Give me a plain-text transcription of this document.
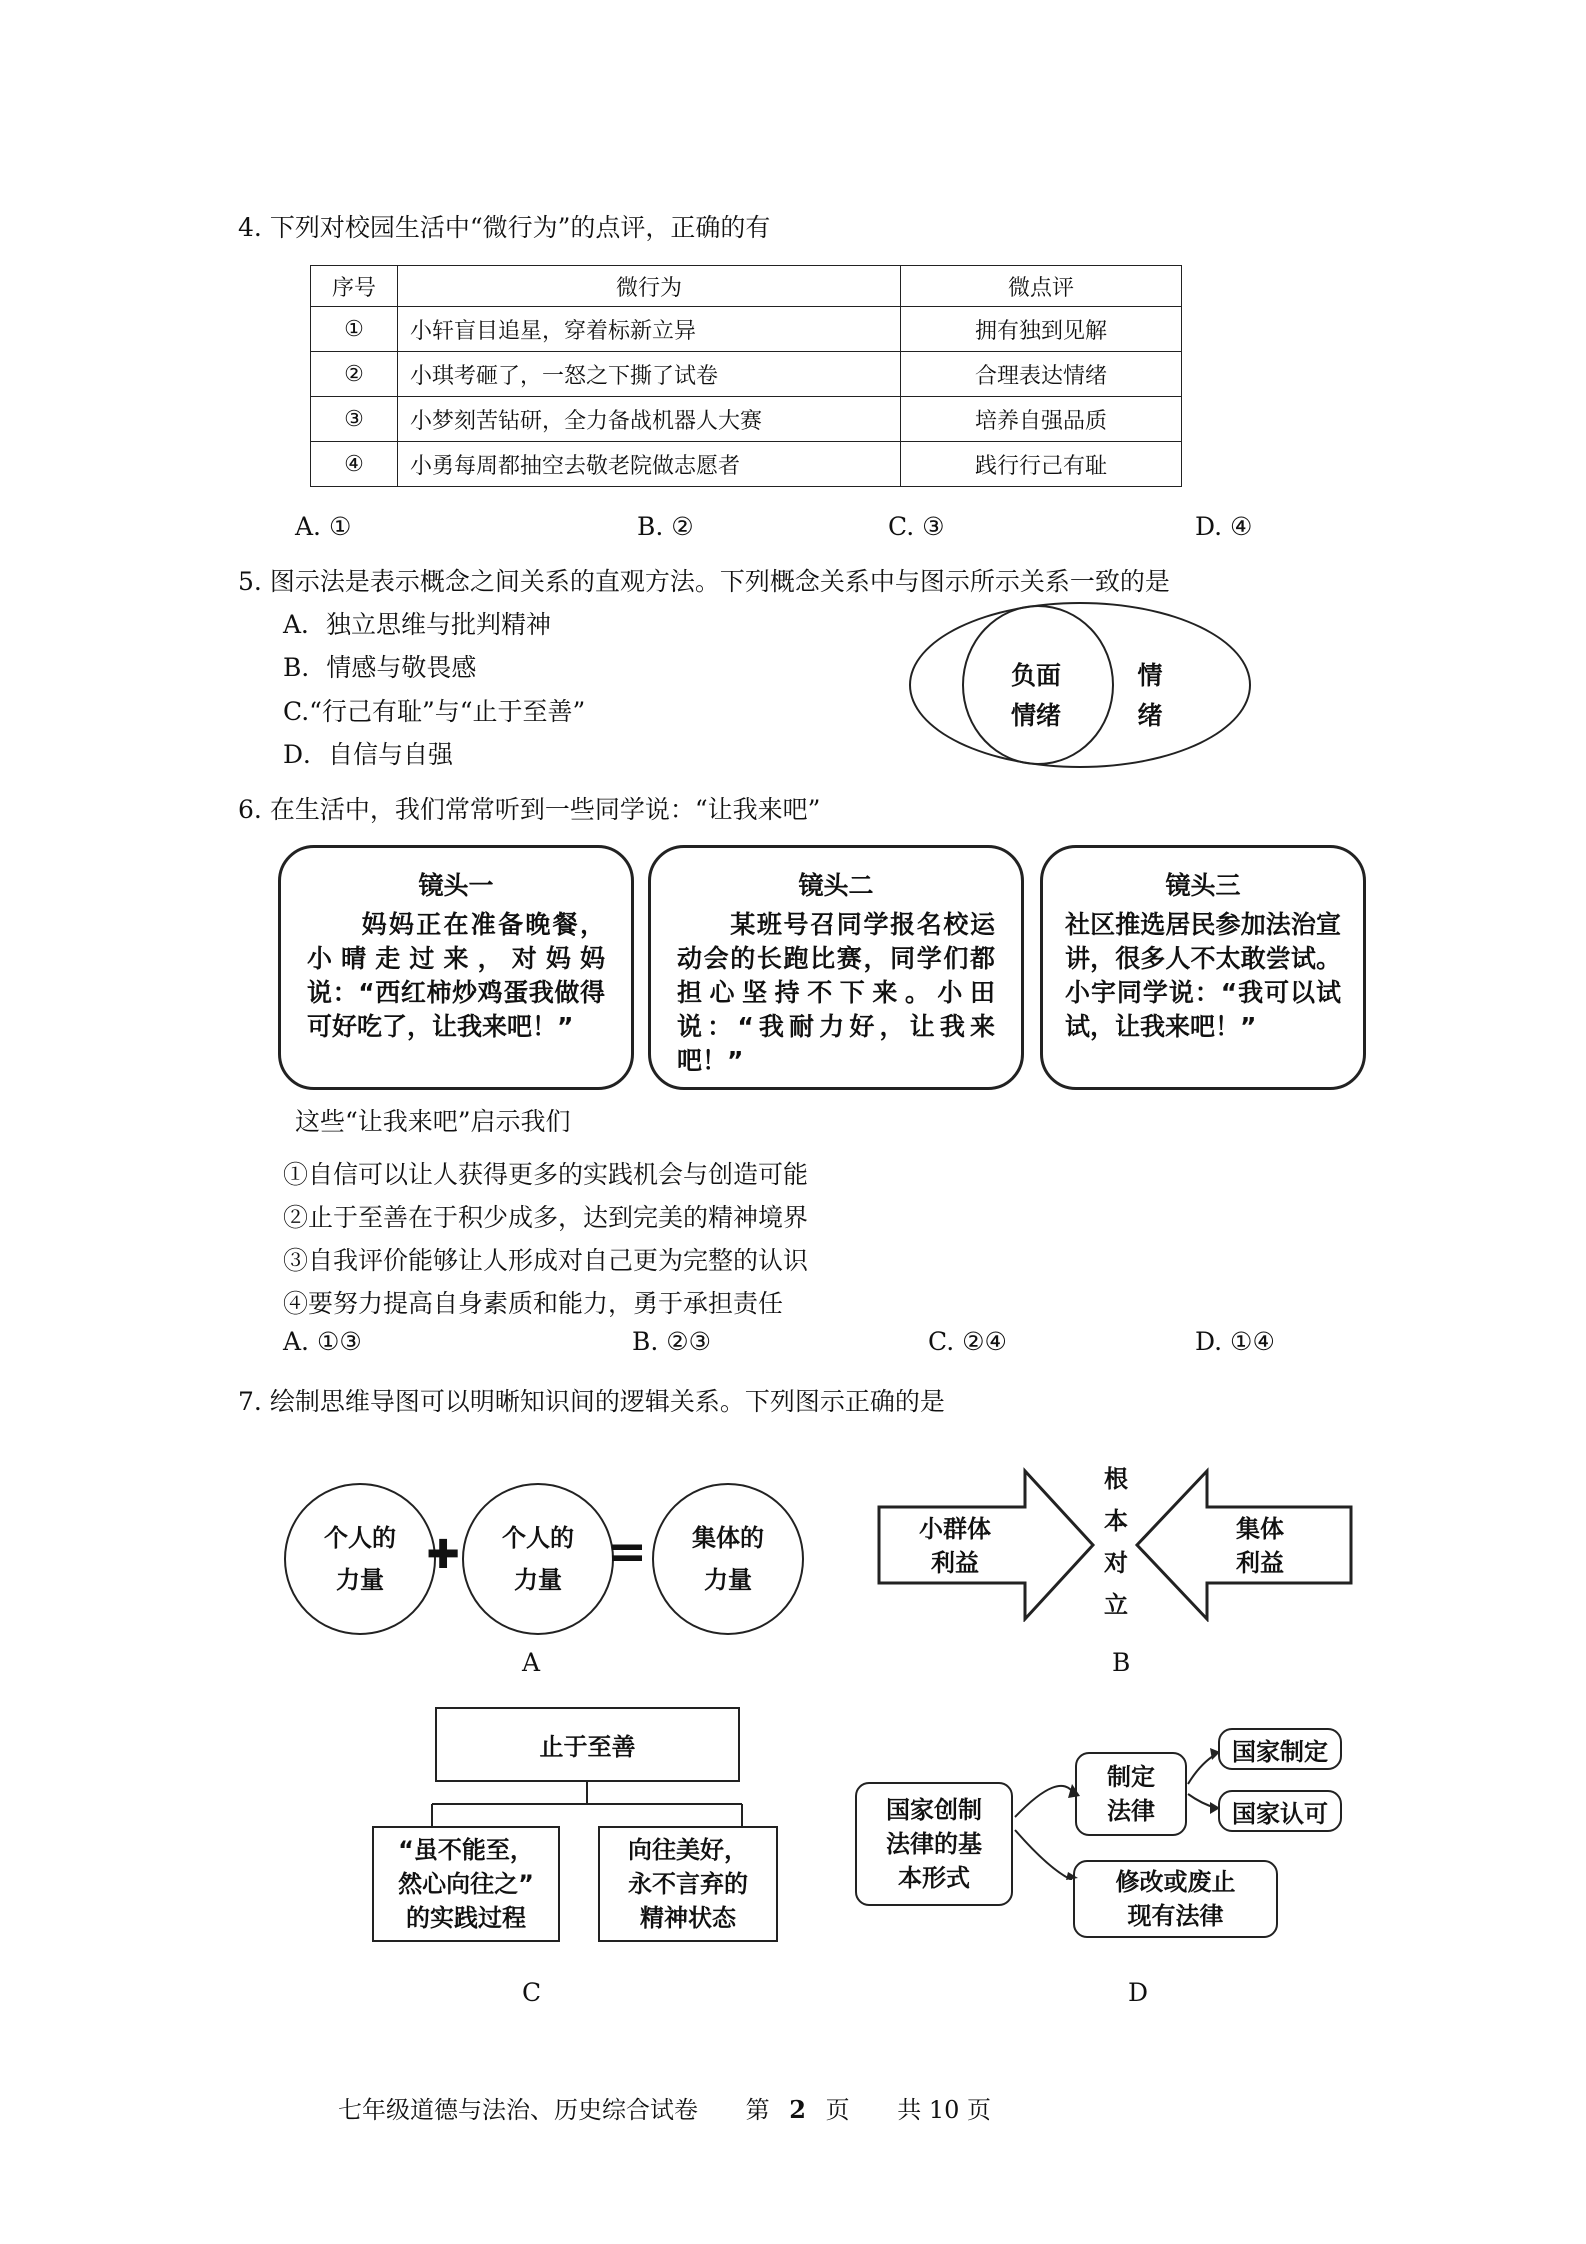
4. 下列对校园生活中“微行为”的点评，正确的有
序号	微行为	微点评
①	小轩盲目追星，穿着标新立异	拥有独到见解
②	小琪考砸了，一怒之下撕了试卷	合理表达情绪
③	小梦刻苦钻研，全力备战机器人大赛	培养自强品质
④	小勇每周都抽空去敬老院做志愿者	践行行己有耻
A. ①	B. ②	C. ③	D. ④
5. 图示法是表示概念之间关系的直观方法。下列概念关系中与图示所示关系一致的是
A．独立思维与批判精神
B．情感与敬畏感
C.“行己有耻”与“止于至善”
D．自信与自强
负面
情绪
情
绪
6. 在生活中，我们常常听到一些同学说：“让我来吧”
镜头一
　　妈妈正在准备晚餐，小晴走过来，对妈妈说：“西红柿炒鸡蛋我做得可好吃了，让我来吧！”
镜头二
　　某班号召同学报名校运动会的长跑比赛，同学们都担心坚持不下来。小田说：“我耐力好，让我来吧！”
镜头三
社区推选居民参加法治宣讲，很多人不太敢尝试。小宇同学说：“我可以试试，让我来吧！”
这些“让我来吧”启示我们
①自信可以让人获得更多的实践机会与创造可能
②止于至善在于积少成多，达到完美的精神境界
③自我评价能够让人形成对自己更为完整的认识
④要努力提高自身素质和能力，勇于承担责任
A. ①③	B. ②③	C. ②④	D. ①④
7. 绘制思维导图可以明晰知识间的逻辑关系。下列图示正确的是
个人的
力量
✚	个人的
力量 =	集体的
力量
A
小群体
利益
集体
利益
根
本
对
立
B
止于至善
“虽不能至，
然心向往之”
的实践过程
向往美好，
永不言弃的
精神状态
C
国家创制
法律的基
本形式
制定
法律
国家制定
国家认可
修改或废止
现有法律
D
七年级道德与法治、历史综合试卷 第 2 页 共 10 页
